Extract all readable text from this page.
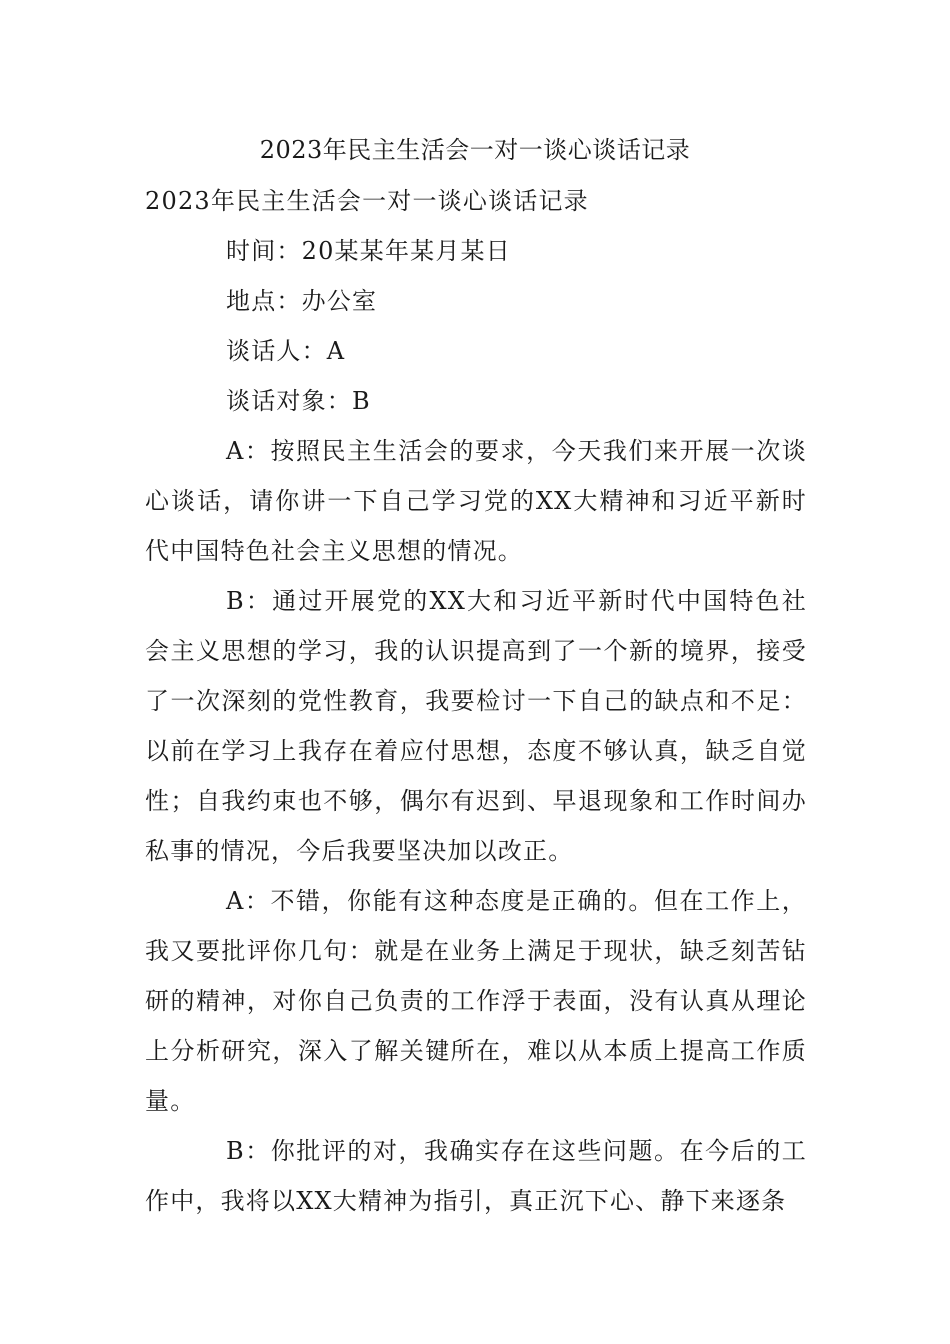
2023年民主生活会一对一谈心谈话记录

2023年民主生活会一对一谈心谈话记录

时间：20某某年某月某日

地点：办公室

谈话人：A

谈话对象：B

A：按照民主生活会的要求，今天我们来开展一次谈心谈话，请你讲一下自己学习党的XX大精神和习近平新时代中国特色社会主义思想的情况。

B：通过开展党的XX大和习近平新时代中国特色社会主义思想的学习，我的认识提高到了一个新的境界，接受了一次深刻的党性教育，我要检讨一下自己的缺点和不足：以前在学习上我存在着应付思想，态度不够认真，缺乏自觉性；自我约束也不够，偶尔有迟到、早退现象和工作时间办私事的情况，今后我要坚决加以改正。

A：不错，你能有这种态度是正确的。但在工作上，我又要批评你几句：就是在业务上满足于现状，缺乏刻苦钻研的精神，对你自己负责的工作浮于表面，没有认真从理论上分析研究，深入了解关键所在，难以从本质上提高工作质量。

B：你批评的对，我确实存在这些问题。在今后的工作中，我将以XX大精神为指引，真正沉下心、静下来逐条
